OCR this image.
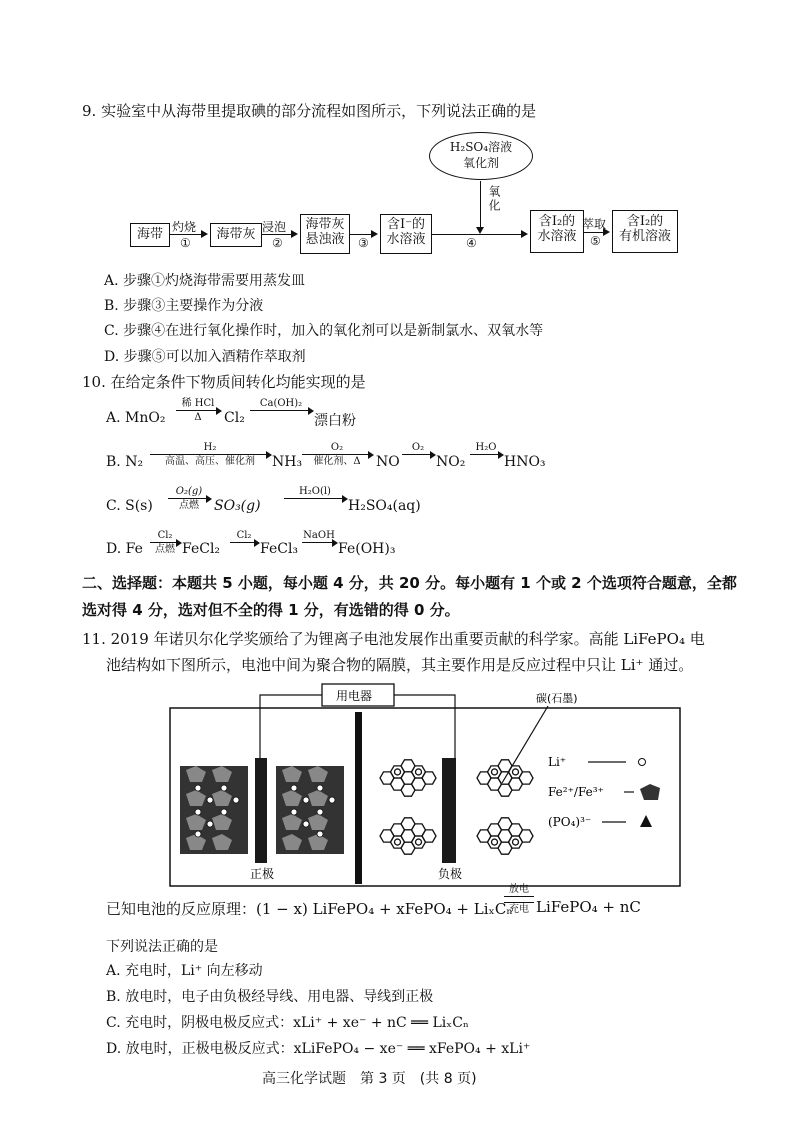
9. 实验室中从海带里提取碘的部分流程如图所示，下列说法正确的是
H₂SO₄溶液
氧化剂
氧化
海带	海带灰
海带灰
悬浊液
含I⁻的
水溶液
含I₂的
水溶液
含I₂的
有机溶液
灼烧
①
浸泡
②	③	④
萃取
⑤
A. 步骤①灼烧海带需要用蒸发皿
B. 步骤③主要操作为分液
C. 步骤④在进行氧化操作时，加入的氧化剂可以是新制氯水、双氧水等
D. 步骤⑤可以加入酒精作萃取剂
10. 在给定条件下物质间转化均能实现的是
A. MnO₂
稀 HCl
Δ	Cl₂
Ca(OH)₂
漂白粉
B. N₂
H₂
高温、高压、催化剂	NH₃
O₂
催化剂、Δ	NO
O₂
NO₂
H₂O
HNO₃
C. S(s)
O₂(g)
点燃	SO₃(g)
H₂O(l)
H₂SO₄(aq)
D. Fe
Cl₂
点燃 FeCl₂
Cl₂
FeCl₃
NaOH
Fe(OH)₃
二、选择题：本题共 5 小题，每小题 4 分，共 20 分。每小题有 1 个或 2 个选项符合题意，全都
选对得 4 分，选对但不全的得 1 分，有选错的得 0 分。
11. 2019 年诺贝尔化学奖颁给了为锂离子电池发展作出重要贡献的科学家。高能 LiFePO₄ 电
池结构如下图所示，电池中间为聚合物的隔膜，其主要作用是反应过程中只让 Li⁺ 通过。
正极	负极
用电器	碳(石墨)
Li⁺
Fe²⁺/Fe³⁺
(PO₄)³⁻
已知电池的反应原理：(1 − x) LiFePO₄ + xFePO₄ + LiₓCₙ
放电
充电 LiFePO₄ + nC
下列说法正确的是
A. 充电时，Li⁺ 向左移动
B. 放电时，电子由负极经导线、用电器、导线到正极
C. 充电时，阴极电极反应式：xLi⁺ + xe⁻ + nC ══ LiₓCₙ
D. 放电时，正极电极反应式：xLiFePO₄ − xe⁻ ══ xFePO₄ + xLi⁺
高三化学试题　第 3 页　(共 8 页)
